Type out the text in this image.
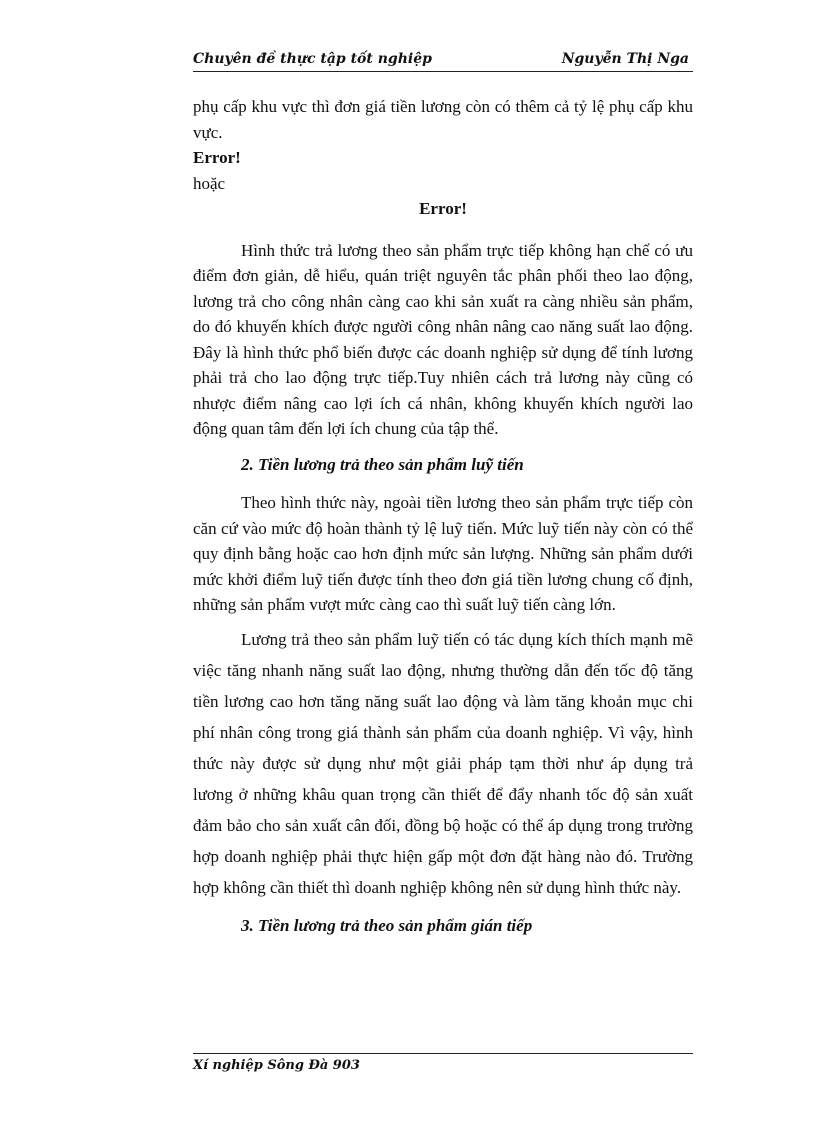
Chuyên đề thực tập tốt nghiệp	Nguyễn Thị Nga

phụ cấp khu vực thì đơn giá tiền lương còn có thêm cả tỷ lệ phụ cấp khu vực.

Error!

hoặc

Error!

Hình thức trả lương theo sản phẩm trực tiếp không hạn chế có ưu điểm đơn giản, dễ hiểu, quán triệt nguyên tắc phân phối theo lao động, lương trả cho công nhân càng cao khi sản xuất ra càng nhiều sản phẩm, do đó khuyến khích được người công nhân nâng cao năng suất lao động. Đây là hình thức phổ biến được các doanh nghiệp sử dụng để tính lương phải trả cho lao động trực tiếp.Tuy nhiên cách trả lương này cũng có nhược điểm nâng cao lợi ích cá nhân, không khuyến khích người lao động quan tâm đến lợi ích chung của tập thể.

2. Tiền lương trả theo sản phẩm luỹ tiến

Theo hình thức này, ngoài tiền lương theo sản phẩm trực tiếp còn căn cứ vào mức độ hoàn thành tỷ lệ luỹ tiến. Mức luỹ tiến này còn có thể quy định bằng hoặc cao hơn định mức sản lượng. Những sản phẩm dưới mức khởi điểm luỹ tiến được tính theo đơn giá tiền lương chung cố định, những sản phẩm vượt mức càng cao thì suất luỹ tiến càng lớn.

Lương trả theo sản phẩm luỹ tiến có tác dụng kích thích mạnh mẽ việc tăng nhanh năng suất lao động, nhưng thường dẫn đến tốc độ tăng tiền lương cao hơn tăng năng suất lao động và làm tăng khoản mục chi phí nhân công trong giá thành sản phẩm của doanh nghiệp. Vì vậy, hình thức này được sử dụng như một giải pháp tạm thời như áp dụng trả lương ở những khâu quan trọng cần thiết để đẩy nhanh tốc độ sản xuất đảm bảo cho sản xuất cân đối, đồng bộ hoặc có thể áp dụng trong trường hợp doanh nghiệp phải thực hiện gấp một đơn đặt hàng nào đó. Trường hợp không cần thiết thì doanh nghiệp không nên sử dụng hình thức này.

3. Tiền lương trả theo sản phẩm gián tiếp

Xí nghiệp Sông Đà 903
